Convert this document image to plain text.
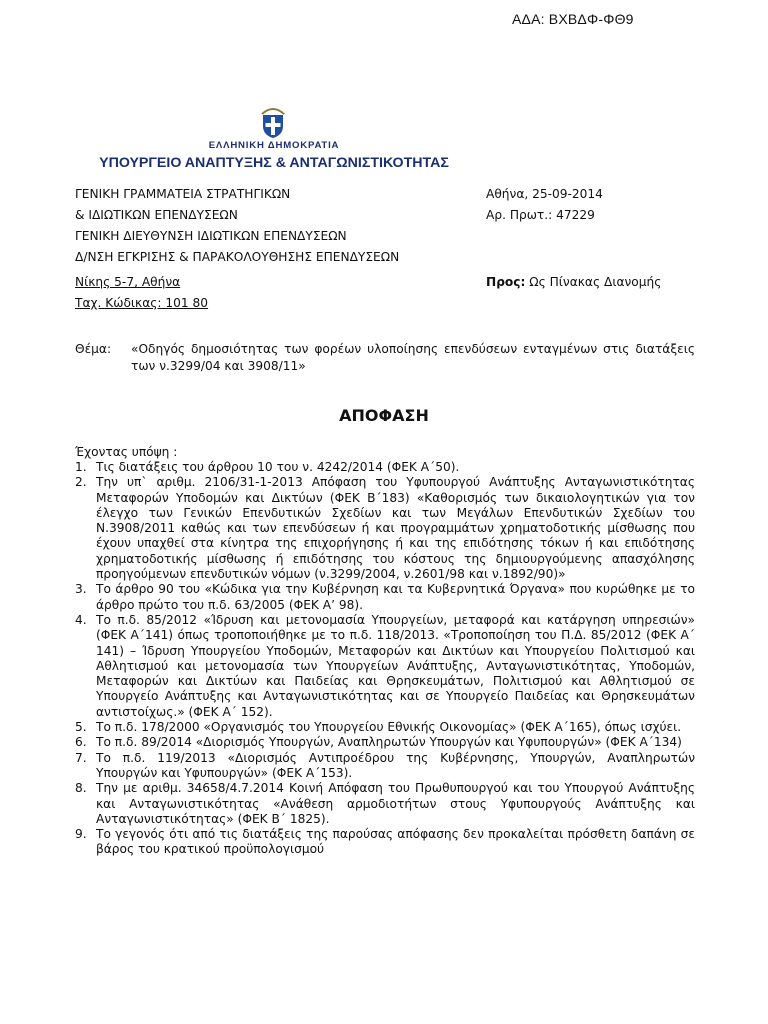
ΑΔΑ: ΒΧΒΔΦ-ΦΘ9
ΕΛΛΗΝΙΚΗ ΔΗΜΟΚΡΑΤΙΑ
ΥΠΟΥΡΓΕΙΟ ΑΝΑΠΤΥΞΗΣ & ΑΝΤΑΓΩΝΙΣΤΙΚΟΤΗΤΑΣ
ΓΕΝΙΚΗ ΓΡΑΜΜΑΤΕΙΑ ΣΤΡΑΤΗΓΙΚΩΝ
& ΙΔΙΩΤΙΚΩΝ ΕΠΕΝΔΥΣΕΩΝ
ΓΕΝΙΚΗ ΔΙΕΥΘΥΝΣΗ ΙΔΙΩΤΙΚΩΝ ΕΠΕΝΔΥΣΕΩΝ
Δ/ΝΣΗ ΕΓΚΡΙΣΗΣ & ΠΑΡΑΚΟΛΟΥΘΗΣΗΣ ΕΠΕΝΔΥΣΕΩΝ
Νίκης 5-7, Αθήνα
Ταχ. Κώδικας: 101 80
Αθήνα, 25-09-2014
Αρ. Πρωτ.: 47229
Προς: Ως Πίνακας Διανομής
Θέμα: «Οδηγός δημοσιότητας των φορέων υλοποίησης επενδύσεων ενταγμένων στις διατάξεις των ν.3299/04 και 3908/11»
ΑΠΟΦΑΣΗ
Έχοντας υπόψη :
1. Τις διατάξεις του άρθρου 10 του ν. 4242/2014 (ΦΕΚ Α΄50).
2. Την υπ` αριθμ. 2106/31-1-2013 Απόφαση του Υφυπουργού Ανάπτυξης Ανταγωνιστικότητας Μεταφορών Υποδομών και Δικτύων (ΦΕΚ Β΄183) «Καθορισμός των δικαιολογητικών για τον έλεγχο των Γενικών Επενδυτικών Σχεδίων και των Μεγάλων Επενδυτικών Σχεδίων του Ν.3908/2011 καθώς και των επενδύσεων ή και προγραμμάτων χρηματοδοτικής μίσθωσης που έχουν υπαχθεί στα κίνητρα της επιχορήγησης ή και της επιδότησης τόκων ή και επιδότησης χρηματοδοτικής μίσθωσης ή επιδότησης του κόστους της δημιουργούμενης απασχόλησης προηγούμενων επενδυτικών νόμων (ν.3299/2004, ν.2601/98 και ν.1892/90)»
3. Το άρθρο 90 του «Κώδικα για την Κυβέρνηση και τα Κυβερνητικά Όργανα» που κυρώθηκε με το άρθρο πρώτο του π.δ. 63/2005 (ΦΕΚ Α’ 98).
4. Το π.δ. 85/2012 «Ίδρυση και μετονομασία Υπουργείων, μεταφορά και κατάργηση υπηρεσιών» (ΦΕΚ Α΄141) όπως τροποποιήθηκε με το π.δ. 118/2013. «Τροποποίηση του Π.Δ. 85/2012 (ΦΕΚ Α΄ 141) – Ίδρυση Υπουργείου Υποδομών, Μεταφορών και Δικτύων και Υπουργείου Πολιτισμού και Αθλητισμού και μετονομασία των Υπουργείων Ανάπτυξης, Ανταγωνιστικότητας, Υποδομών, Μεταφορών και Δικτύων και Παιδείας και Θρησκευμάτων, Πολιτισμού και Αθλητισμού σε Υπουργείο Ανάπτυξης και Ανταγωνιστικότητας και σε Υπουργείο Παιδείας και Θρησκευμάτων αντιστοίχως.» (ΦΕΚ Α΄ 152).
5. Το π.δ. 178/2000 «Οργανισμός του Υπουργείου Εθνικής Οικονομίας» (ΦΕΚ Α΄165), όπως ισχύει.
6. Το π.δ. 89/2014 «Διορισμός Υπουργών, Αναπληρωτών Υπουργών και Υφυπουργών» (ΦΕΚ Α΄134)
7. Το π.δ. 119/2013 «Διορισμός Αντιπροέδρου της Κυβέρνησης, Υπουργών, Αναπληρωτών Υπουργών και Υφυπουργών» (ΦΕΚ Α΄153).
8. Την με αριθμ. 34658/4.7.2014 Κοινή Απόφαση του Πρωθυπουργού και του Υπουργού Ανάπτυξης και Ανταγωνιστικότητας «Ανάθεση αρμοδιοτήτων στους Υφυπουργούς Ανάπτυξης και Ανταγωνιστικότητας» (ΦΕΚ Β΄ 1825).
9. Το γεγονός ότι από τις διατάξεις της παρούσας απόφασης δεν προκαλείται πρόσθετη δαπάνη σε βάρος του κρατικού προϋπολογισμού
